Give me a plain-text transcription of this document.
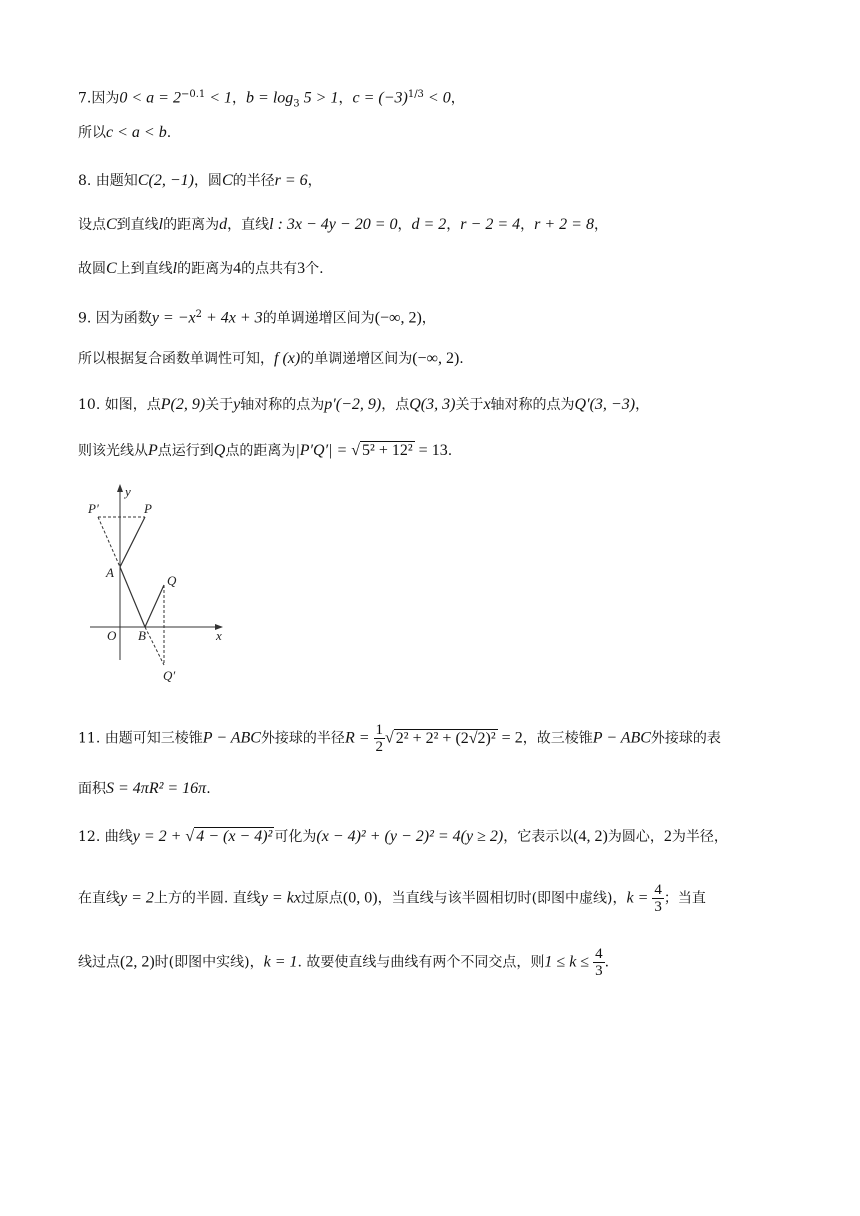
7.因为$0 < a = 2^{-0.1} < 1$，$b = \log_3 5 > 1$，$c = (-3)^{1/3} < 0$，
所以c < a < b.
8. 由题知C(2, −1)，圆C的半径r = 6，
设点C到直线l的距离为d，直线l : 3x − 4y − 20 = 0，d = 2，r − 2 = 4，r + 2 = 8，
故圆C上到直线l的距离为4的点共有3个.
9. 因为函数$y = -x^2 + 4x + 3$的单调递增区间为(−∞, 2)，
所以根据复合函数单调性可知，f (x)的单调递增区间为(−∞, 2).
10. 如图，点P(2, 9)关于y轴对称的点为p′(−2, 9)，点Q(3, 3)关于x轴对称的点为Q′(3, −3)，
则该光线从P点运行到Q点的距离为|P′Q′| = √ 5² + 12² = 13.
y
x
O
A
B
P
P′
Q
Q′
11. 由题可知三棱锥P − ABC外接球的半径$R = \frac{1}{2}$ √ 2² + 2² + (2√2)² = 2，故三棱锥P − ABC外接球的表
面积S = 4πR² = 16π.
12. 曲线y = 2 + √ 4 − (x − 4)² 可化为(x − 4)² + (y − 2)² = 4(y ≥ 2)，它表示以(4, 2)为圆心，2为半径，
在直线y = 2上方的半圆. 直线y = kx过原点(0, 0)，当直线与该半圆相切时(即图中虚线)，$k = \frac{4}{3}$ ；当直
线过点(2, 2)时(即图中实线)，k = 1. 故要使直线与曲线有两个不同交点，则$1 \le k \le \frac{4}{3}$ .
